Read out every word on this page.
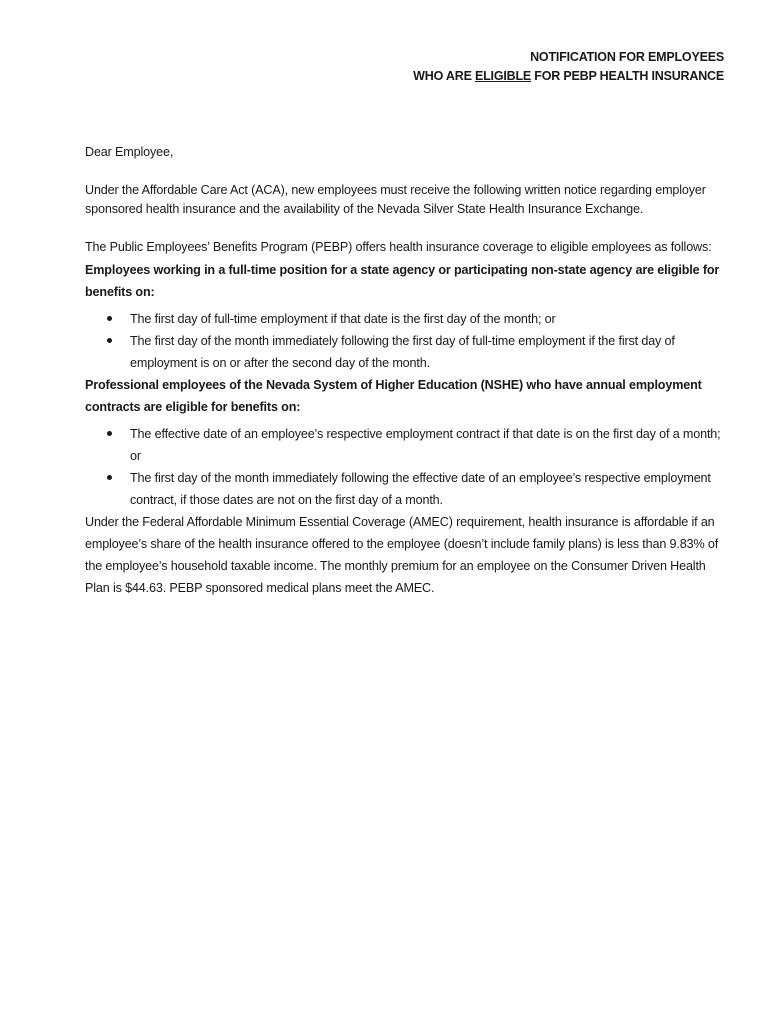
NOTIFICATION FOR EMPLOYEES
WHO ARE ELIGIBLE FOR PEBP HEALTH INSURANCE

Dear Employee,

Under the Affordable Care Act (ACA), new employees must receive the following written notice regarding employer sponsored health insurance and the availability of the Nevada Silver State Health Insurance Exchange.

The Public Employees’ Benefits Program (PEBP) offers health insurance coverage to eligible employees as follows:

Employees working in a full-time position for a state agency or participating non-state agency are eligible for benefits on:

The first day of full-time employment if that date is the first day of the month; or
The first day of the month immediately following the first day of full-time employment if the first day of employment is on or after the second day of the month.

Professional employees of the Nevada System of Higher Education (NSHE) who have annual employment contracts are eligible for benefits on:

The effective date of an employee’s respective employment contract if that date is on the first day of a month; or
The first day of the month immediately following the effective date of an employee’s respective employment contract, if those dates are not on the first day of a month.

Under the Federal Affordable Minimum Essential Coverage (AMEC) requirement, health insurance is affordable if an employee’s share of the health insurance offered to the employee (doesn’t include family plans) is less than 9.83% of the employee’s household taxable income. The monthly premium for an employee on the Consumer Driven Health Plan is $44.63. PEBP sponsored medical plans meet the AMEC.
